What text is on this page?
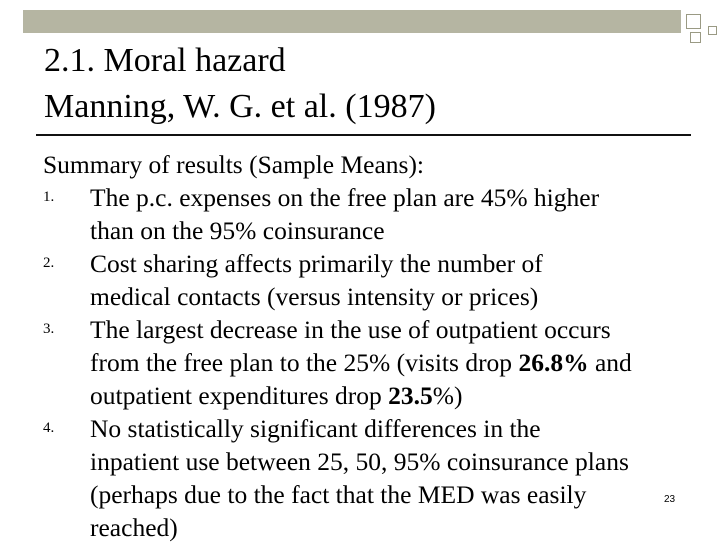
2.1. Moral hazard
Manning, W. G. et al. (1987)
Summary of results (Sample Means):
1.	The p.c. expenses on the free plan are 45% higher
than on the 95% coinsurance
2.	Cost sharing affects primarily the number of
medical contacts (versus intensity or prices)
3.	The largest decrease in the use of outpatient occurs
from the free plan to the 25% (visits drop 26.8% and
outpatient expenditures drop 23.5%)
4.	No statistically significant differences in the
inpatient use between 25, 50, 95% coinsurance plans
(perhaps due to the fact that the MED was easily
reached)
23
